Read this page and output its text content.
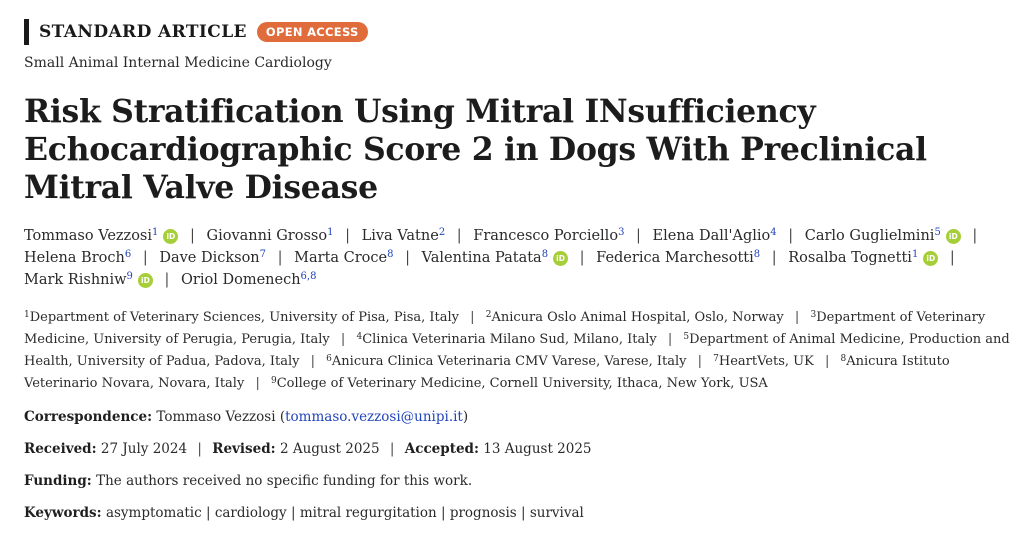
STANDARD ARTICLE	OPEN ACCESS
Small Animal Internal Medicine Cardiology
Risk Stratification Using Mitral INsufficiency Echocardiographic Score 2 in Dogs With Preclinical Mitral Valve Disease
Tommaso Vezzosi$^1$ iD | Giovanni Grosso$^1$ | Liva Vatne$^2$ | Francesco Porciello$^3$ | Elena Dall'Aglio$^4$ | Carlo Guglielmini$^5$ iD | Helena Broch$^6$ | Dave Dickson$^7$ | Marta Croce$^8$ | Valentina Patata$^8$ iD | Federica Marchesotti$^8$ | Rosalba Tognetti$^1$ iD | Mark Rishniw$^9$ iD | Oriol Domenech$^{6,8}$
$^1$Department of Veterinary Sciences, University of Pisa, Pisa, Italy | $^2$Anicura Oslo Animal Hospital, Oslo, Norway | $^3$Department of Veterinary Medicine, University of Perugia, Perugia, Italy | $^4$Clinica Veterinaria Milano Sud, Milano, Italy | $^5$Department of Animal Medicine, Production and Health, University of Padua, Padova, Italy | $^6$Anicura Clinica Veterinaria CMV Varese, Varese, Italy | $^7$HeartVets, UK | $^8$Anicura Istituto Veterinario Novara, Novara, Italy | $^9$College of Veterinary Medicine, Cornell University, Ithaca, New York, USA
Correspondence: Tommaso Vezzosi (tommaso.vezzosi@unipi.it)
Received: 27 July 2024 | Revised: 2 August 2025 | Accepted: 13 August 2025
Funding: The authors received no specific funding for this work.
Keywords: asymptomatic | cardiology | mitral regurgitation | prognosis | survival
